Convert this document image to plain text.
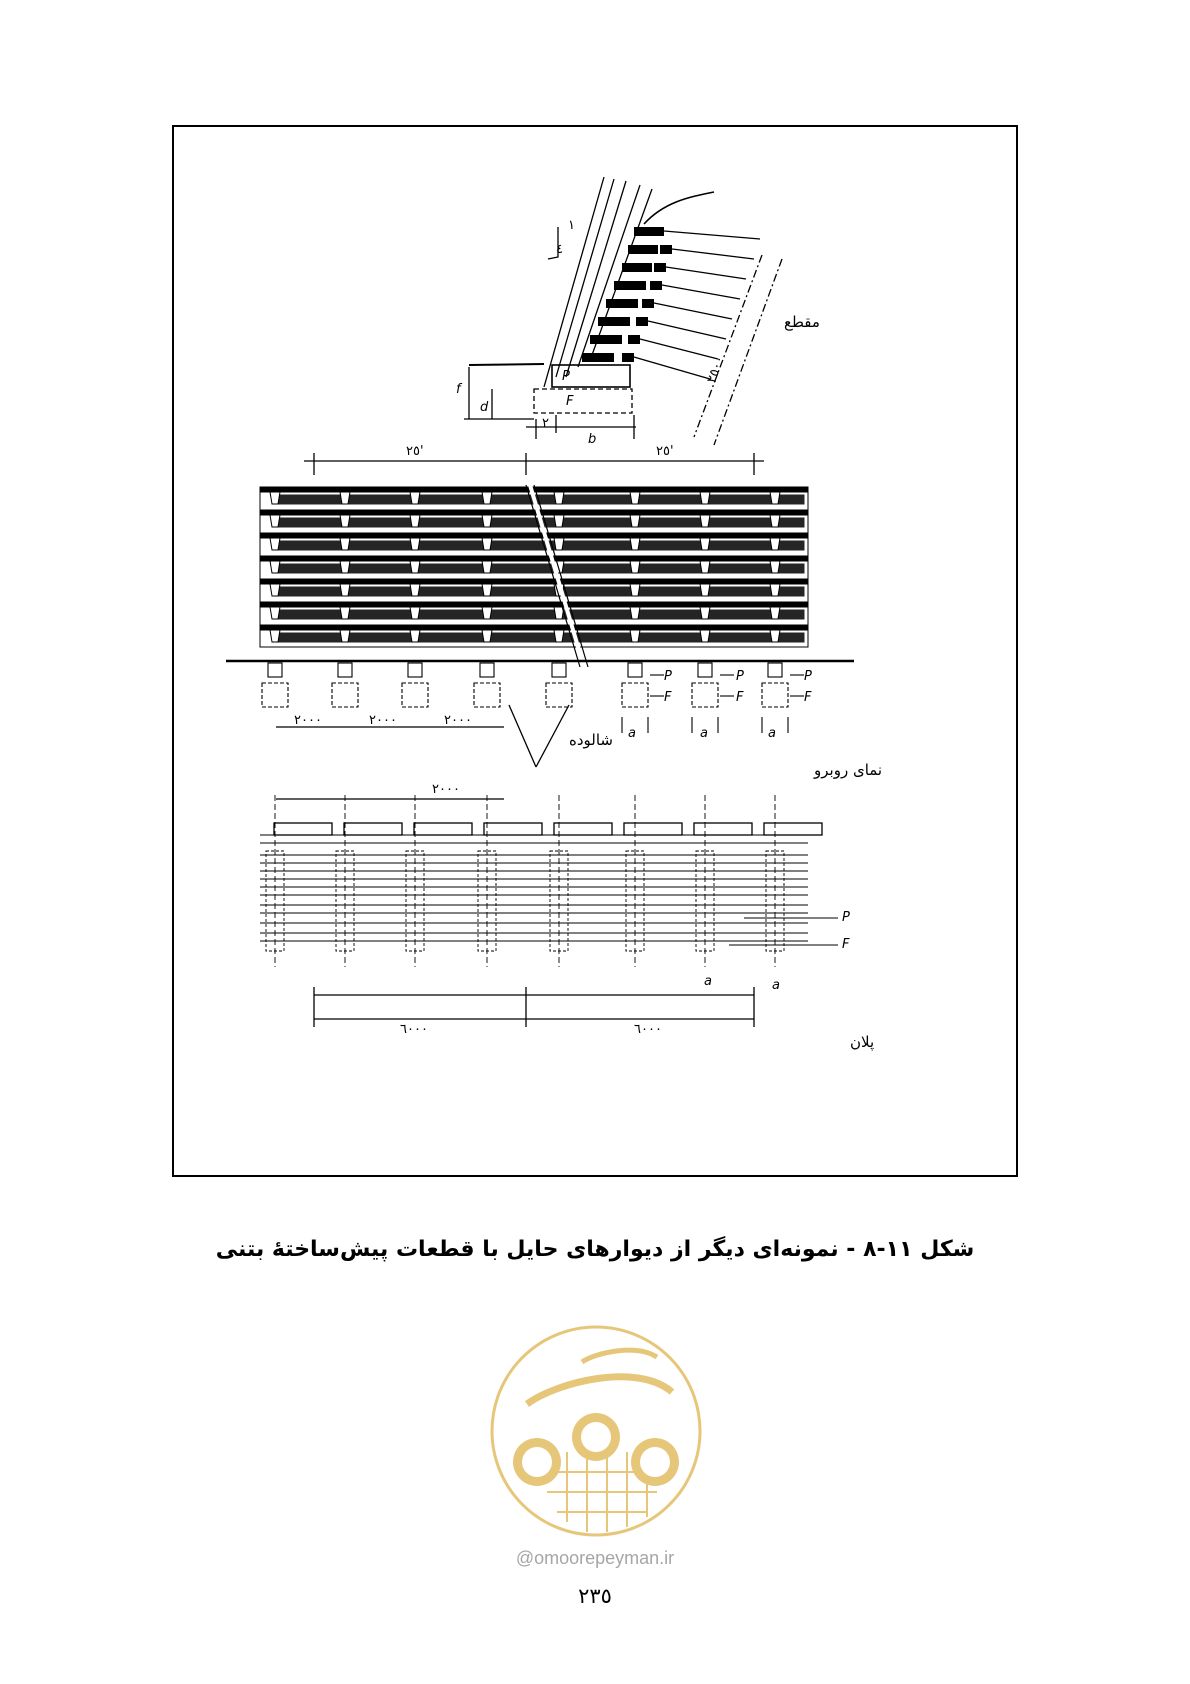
مقطع
نمای روبرو
پلان
شالوده
١
٤
٢٥٠٠
٢
P
F
f
d
b
٢٥'	٢٥'
٢٠٠٠	٢٠٠٠	٢٠٠٠
P
F
P
F
P
F
a	a	a
٢٠٠٠
P
F
a	a
٦٠٠٠	٦٠٠٠
شکل ١١-٨ - نمونه‌ای دیگر از دیوارهای حایل با قطعات پیش‌ساختهٔ بتنی
@omoorepeyman.ir
٢٣٥
